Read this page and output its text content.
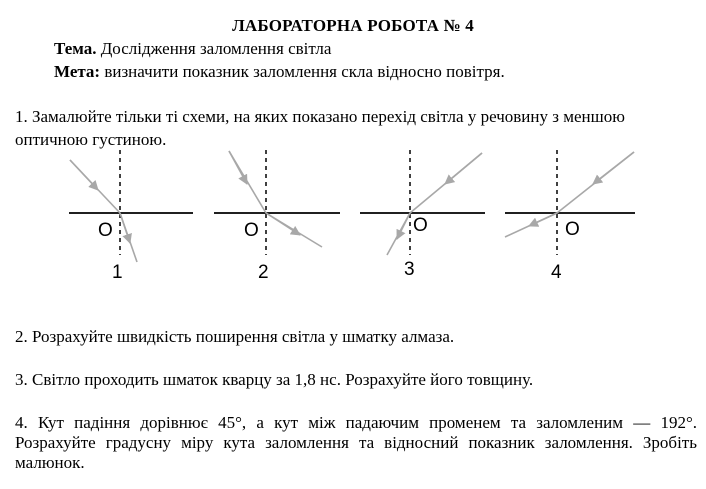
ЛАБОРАТОРНА РОБОТА № 4
Тема. Дослідження заломлення світла
Мета: визначити показник заломлення скла відносно повітря.
1. Замалюйте тільки ті схеми, на яких показано перехід світла у речовину з меншою оптичною густиною.
O
1
O
2
O
3
O
4
2. Розрахуйте швидкість поширення світла у шматку алмаза.
3. Світло проходить шматок кварцу за 1,8 нс. Розрахуйте його товщину.
4. Кут падіння дорівнює 45°, а кут між падаючим променем та заломленим — 192°. Розрахуйте градусну міру кута заломлення та відносний показник заломлення. Зробіть малюнок.
